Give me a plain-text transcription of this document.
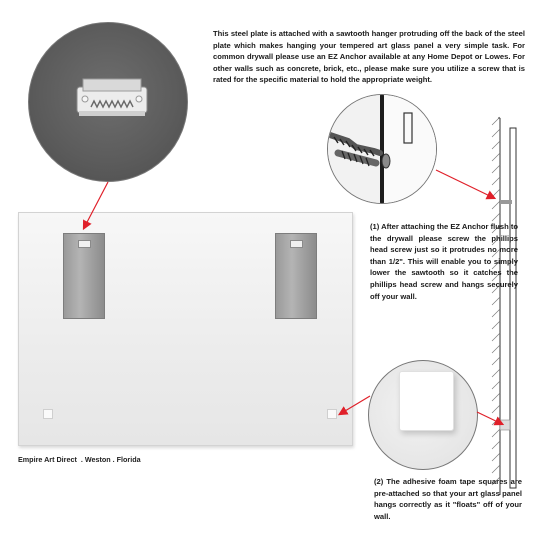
This steel plate is attached with a sawtooth hanger protruding off the back of the steel plate which makes hanging your tempered art glass panel a very simple task. For common drywall please use an EZ Anchor available at any Home Depot or Lowes. For other walls such as concrete, brick, etc., please make sure you utilize a screw that is rated for the specific material to hold the appropriate weight.

(1) After attaching the EZ Anchor flush to the drywall please screw the phillips head screw just so it protrudes no more than 1/2". This will enable you to simply lower the sawtooth so it catches the phillips head screw and hangs securely off your wall.

Empire Art Direct  . Weston . Florida

(2) The adhesive foam tape squares are pre-attached so that your art glass panel hangs correctly as it "floats" off of your wall.
